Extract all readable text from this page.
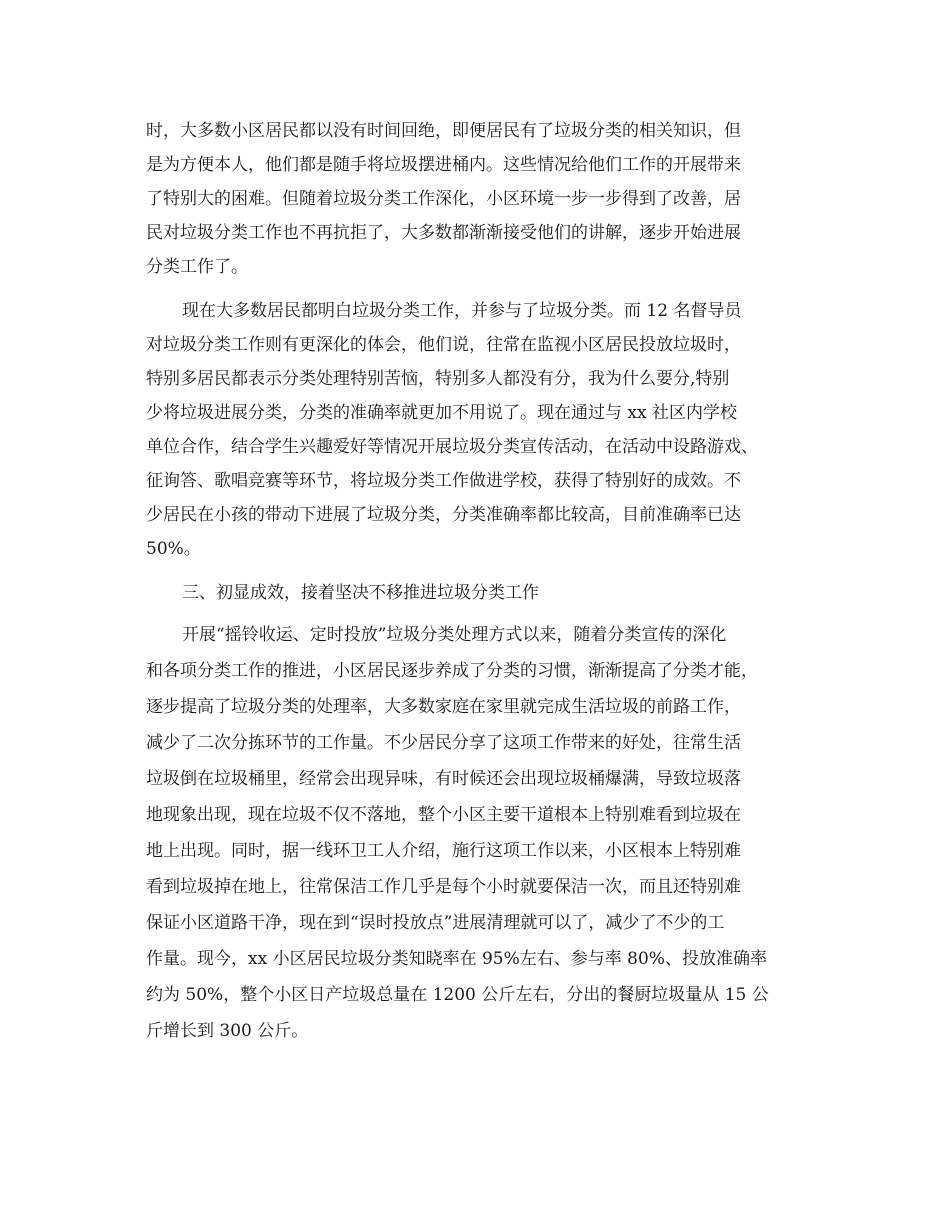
时，大多数小区居民都以没有时间回绝，即便居民有了垃圾分类的相关知识，但
是为方便本人，他们都是随手将垃圾摆进桶内。这些情况给他们工作的开展带来
了特别大的困难。但随着垃圾分类工作深化，小区环境一步一步得到了改善，居
民对垃圾分类工作也不再抗拒了，大多数都渐渐接受他们的讲解，逐步开始进展
分类工作了。
现在大多数居民都明白垃圾分类工作，并参与了垃圾分类。而 12 名督导员
对垃圾分类工作则有更深化的体会，他们说，往常在监视小区居民投放垃圾时，
特别多居民都表示分类处理特别苦恼，特别多人都没有分，我为什么要分,特别
少将垃圾进展分类，分类的准确率就更加不用说了。现在通过与 xx 社区内学校
单位合作，结合学生兴趣爱好等情况开展垃圾分类宣传活动，在活动中设路游戏、
征询答、歌唱竞赛等环节，将垃圾分类工作做进学校，获得了特别好的成效。不
少居民在小孩的带动下进展了垃圾分类，分类准确率都比较高，目前准确率已达
50%。
三、初显成效，接着坚决不移推进垃圾分类工作
开展“摇铃收运、定时投放”垃圾分类处理方式以来，随着分类宣传的深化
和各项分类工作的推进，小区居民逐步养成了分类的习惯，渐渐提高了分类才能，
逐步提高了垃圾分类的处理率，大多数家庭在家里就完成生活垃圾的前路工作，
减少了二次分拣环节的工作量。不少居民分享了这项工作带来的好处，往常生活
垃圾倒在垃圾桶里，经常会出现异味，有时候还会出现垃圾桶爆满，导致垃圾落
地现象出现，现在垃圾不仅不落地，整个小区主要干道根本上特别难看到垃圾在
地上出现。同时，据一线环卫工人介绍，施行这项工作以来，小区根本上特别难
看到垃圾掉在地上，往常保洁工作几乎是每个小时就要保洁一次，而且还特别难
保证小区道路干净，现在到“误时投放点”进展清理就可以了，减少了不少的工
作量。现今，xx 小区居民垃圾分类知晓率在 95%左右、参与率 80%、投放准确率
约为 50%，整个小区日产垃圾总量在 1200 公斤左右，分出的餐厨垃圾量从 15 公
斤增长到 300 公斤。
